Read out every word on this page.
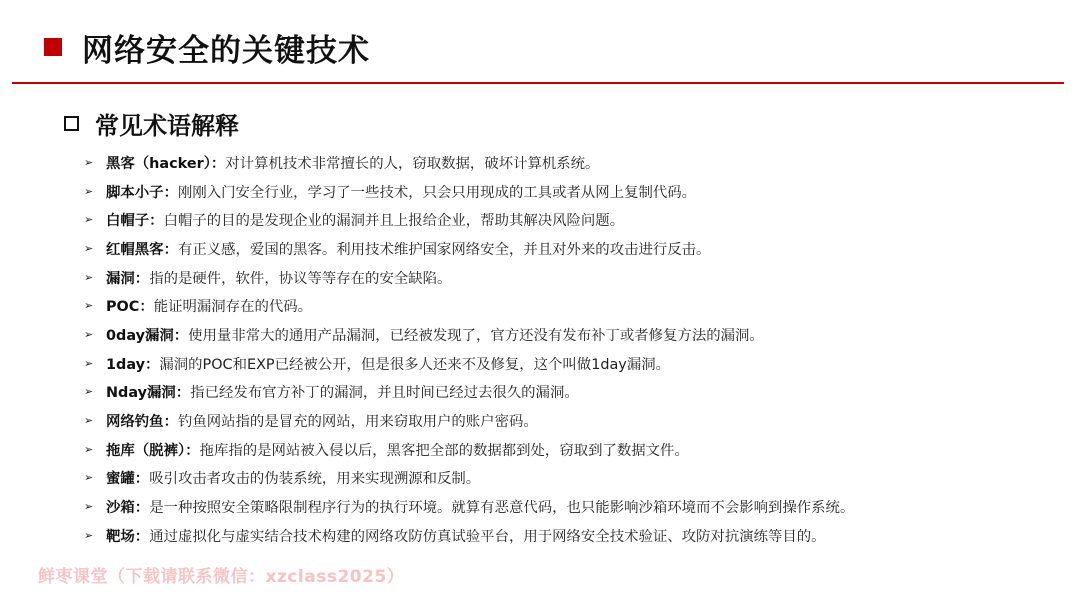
网络安全的关键技术
常见术语解释
➢ 黑客（hacker）： 对计算机技术非常擅长的人，窃取数据，破坏计算机系统。
➢ 脚本小子： 刚刚入门安全行业，学习了一些技术，只会只用现成的工具或者从网上复制代码。
➢ 白帽子： 白帽子的目的是发现企业的漏洞并且上报给企业，帮助其解决风险问题。
➢ 红帽黑客： 有正义感，爱国的黑客。利用技术维护国家网络安全，并且对外来的攻击进行反击。
➢ 漏洞： 指的是硬件，软件，协议等等存在的安全缺陷。
➢ POC： 能证明漏洞存在的代码。
➢ 0day漏洞： 使用量非常大的通用产品漏洞，已经被发现了，官方还没有发布补丁或者修复方法的漏洞。
➢ 1day： 漏洞的POC和EXP已经被公开，但是很多人还来不及修复，这个叫做1day漏洞。
➢ Nday漏洞： 指已经发布官方补丁的漏洞，并且时间已经过去很久的漏洞。
➢ 网络钓鱼： 钓鱼网站指的是冒充的网站，用来窃取用户的账户密码。
➢ 拖库（脱裤）： 拖库指的是网站被入侵以后，黑客把全部的数据都到处，窃取到了数据文件。
➢ 蜜罐： 吸引攻击者攻击的伪装系统，用来实现溯源和反制。
➢ 沙箱： 是一种按照安全策略限制程序行为的执行环境。就算有恶意代码，也只能影响沙箱环境而不会影响到操作系统。
➢ 靶场： 通过虚拟化与虚实结合技术构建的网络攻防仿真试验平台，用于网络安全技术验证、攻防对抗演练等目的。
鲜枣课堂（下载请联系微信：xzclass2025）
